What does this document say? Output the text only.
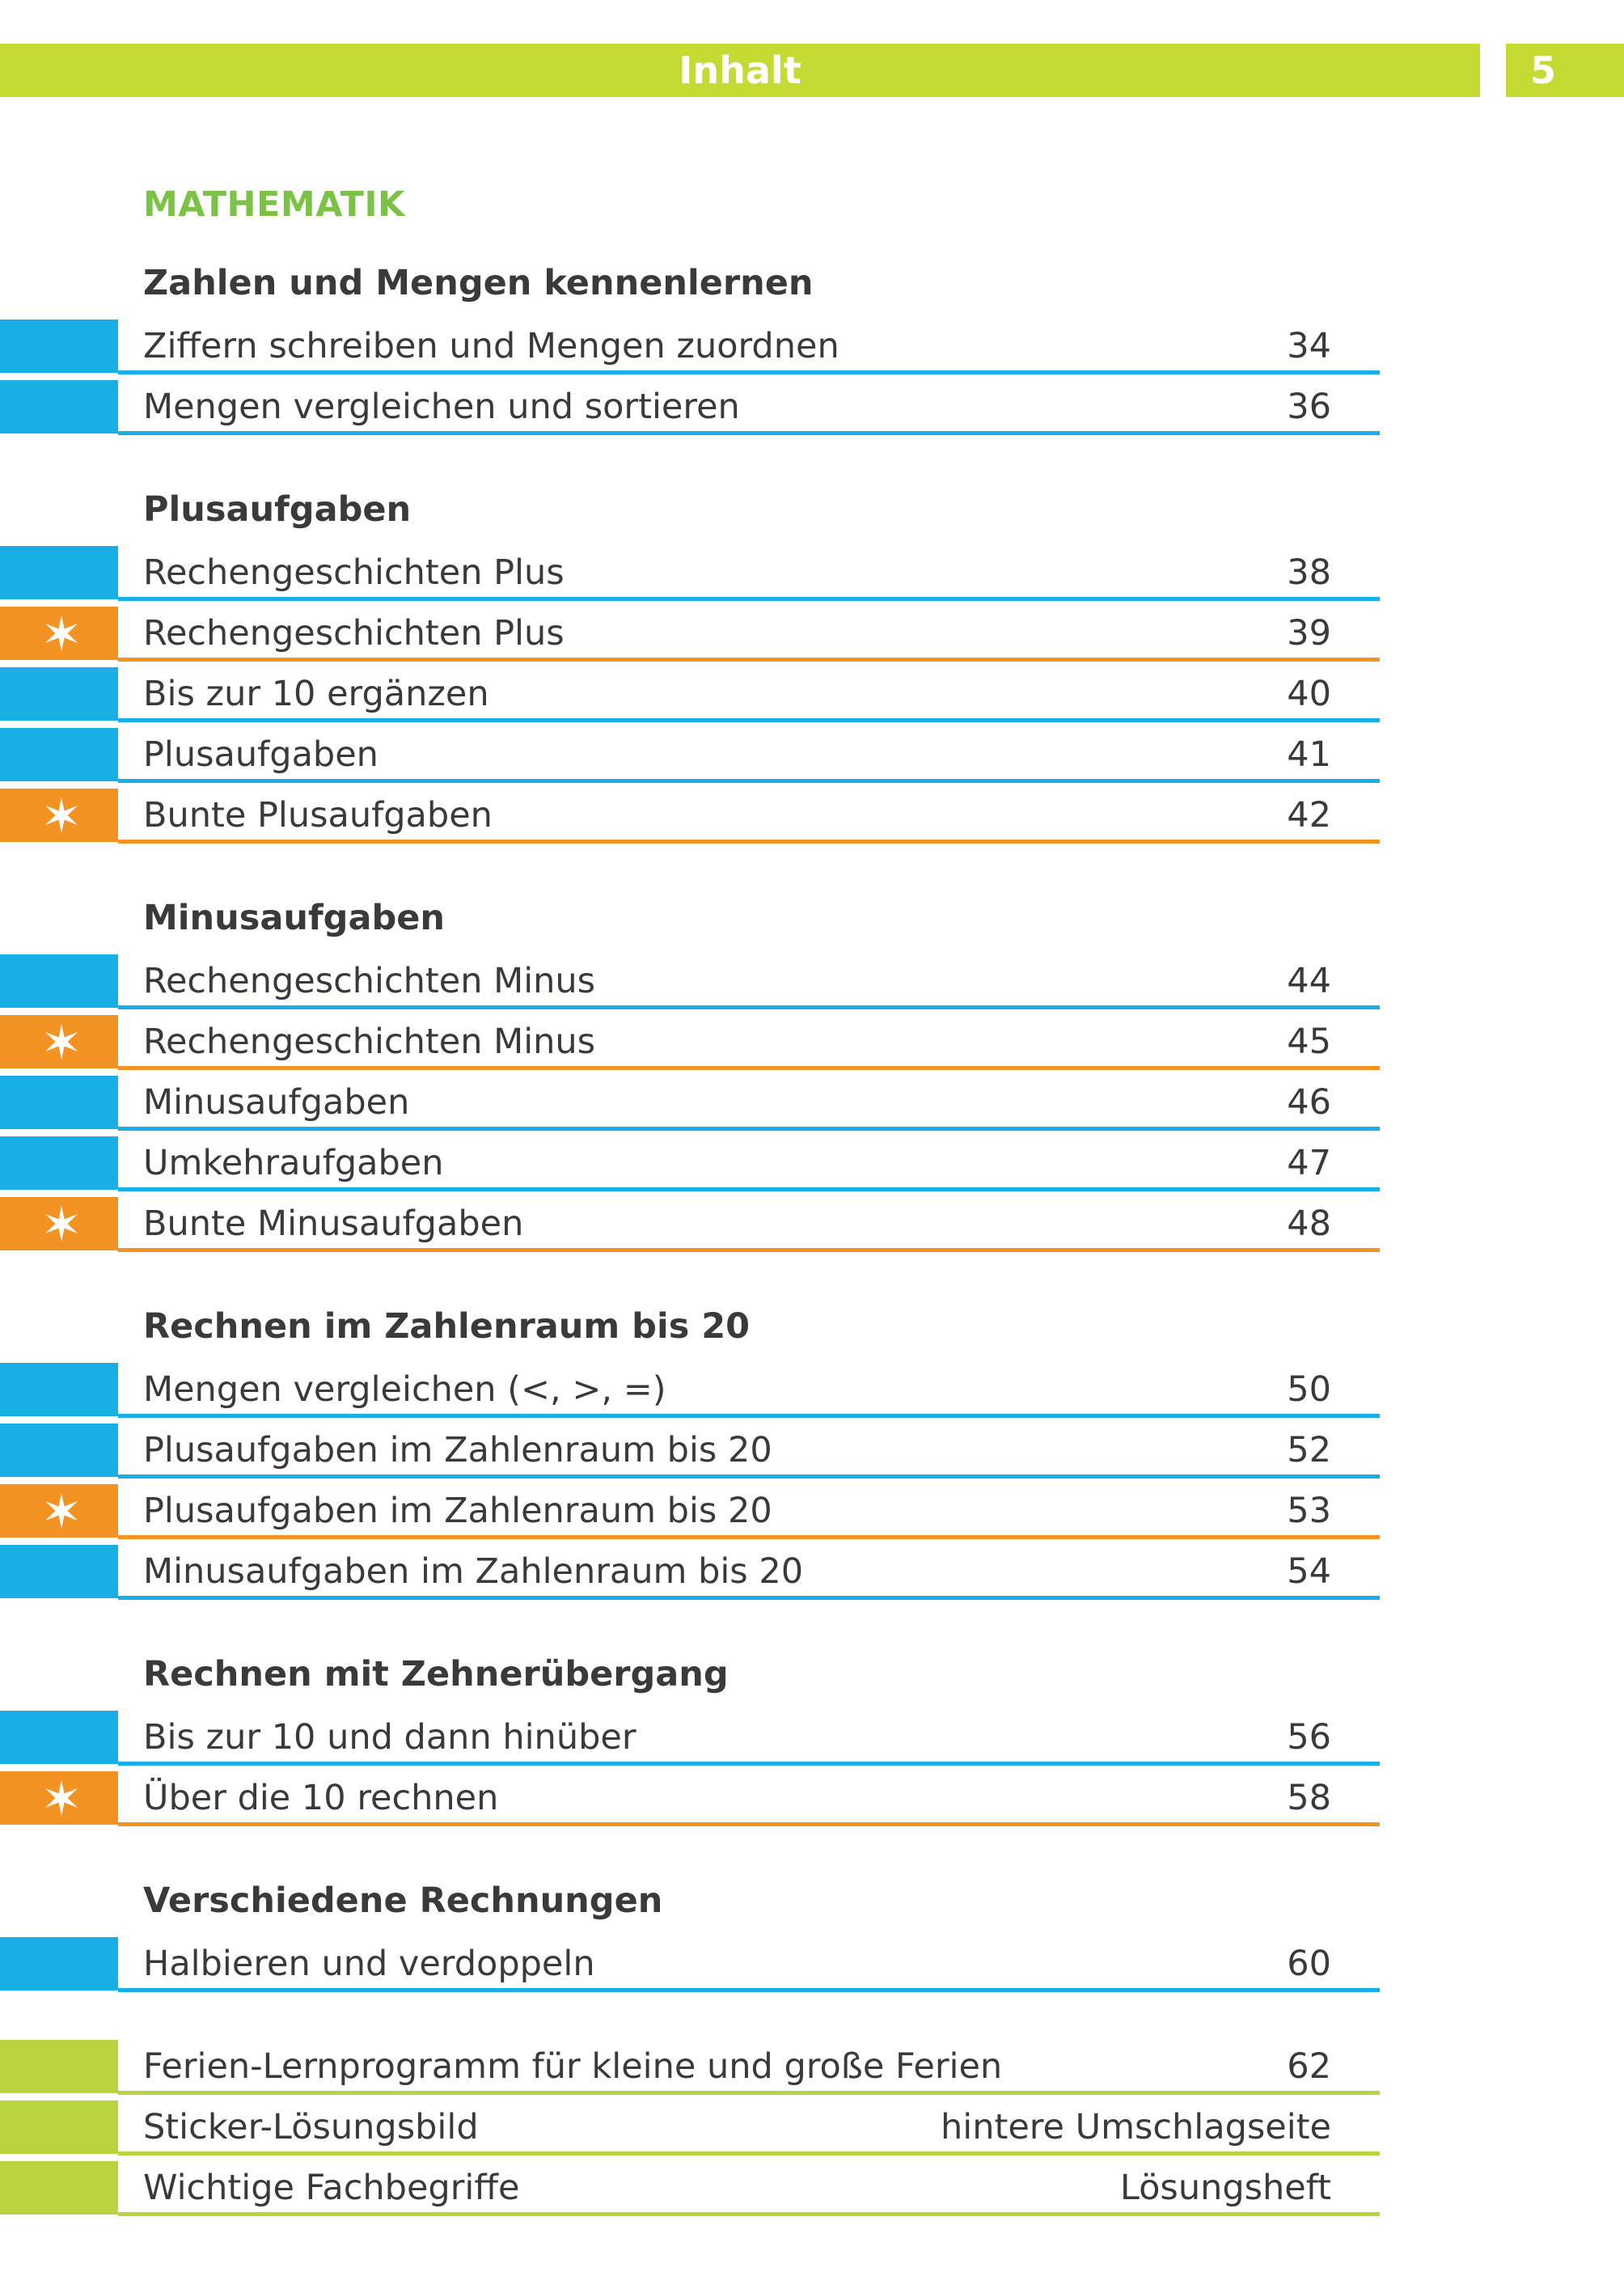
Inhalt	5
MATHEMATIK
Zahlen und Mengen kennenlernen
Ziffern schreiben und Mengen zuordnen	34
Mengen vergleichen und sortieren	36
Plusaufgaben
Rechengeschichten Plus	38
Rechengeschichten Plus	39
Bis zur 10 ergänzen	40
Plusaufgaben	41
Bunte Plusaufgaben	42
Minusaufgaben
Rechengeschichten Minus	44
Rechengeschichten Minus	45
Minusaufgaben	46
Umkehraufgaben	47
Bunte Minusaufgaben	48
Rechnen im Zahlenraum bis 20
Mengen vergleichen (<, >, =)	50
Plusaufgaben im Zahlenraum bis 20	52
Plusaufgaben im Zahlenraum bis 20	53
Minusaufgaben im Zahlenraum bis 20	54
Rechnen mit Zehnerübergang
Bis zur 10 und dann hinüber	56
Über die 10 rechnen	58
Verschiedene Rechnungen
Halbieren und verdoppeln	60
Ferien-Lernprogramm für kleine und große Ferien	62
Sticker-Lösungsbild	hintere Umschlagseite
Wichtige Fachbegriffe	Lösungsheft
